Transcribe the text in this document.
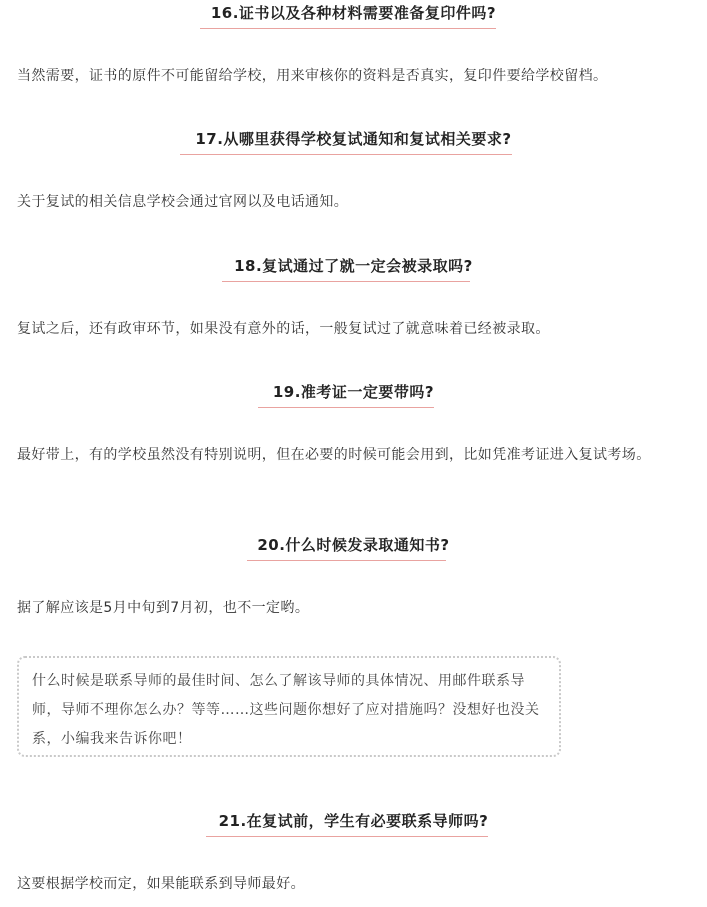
16.证书以及各种材料需要准备复印件吗?

当然需要，证书的原件不可能留给学校，用来审核你的资料是否真实，复印件要给学校留档。

17.从哪里获得学校复试通知和复试相关要求?

关于复试的相关信息学校会通过官网以及电话通知。

18.复试通过了就一定会被录取吗?

复试之后，还有政审环节，如果没有意外的话，一般复试过了就意味着已经被录取。

19.准考证一定要带吗?

最好带上，有的学校虽然没有特别说明，但在必要的时候可能会用到，比如凭准考证进入复试考场。

20.什么时候发录取通知书?

据了解应该是5月中旬到7月初，也不一定哟。

什么时候是联系导师的最佳时间、怎么了解该导师的具体情况、用邮件联系导师，导师不理你怎么办？等等……这些问题你想好了应对措施吗？没想好也没关系，小编我来告诉你吧！
21.在复试前，学生有必要联系导师吗?

这要根据学校而定，如果能联系到导师最好。
